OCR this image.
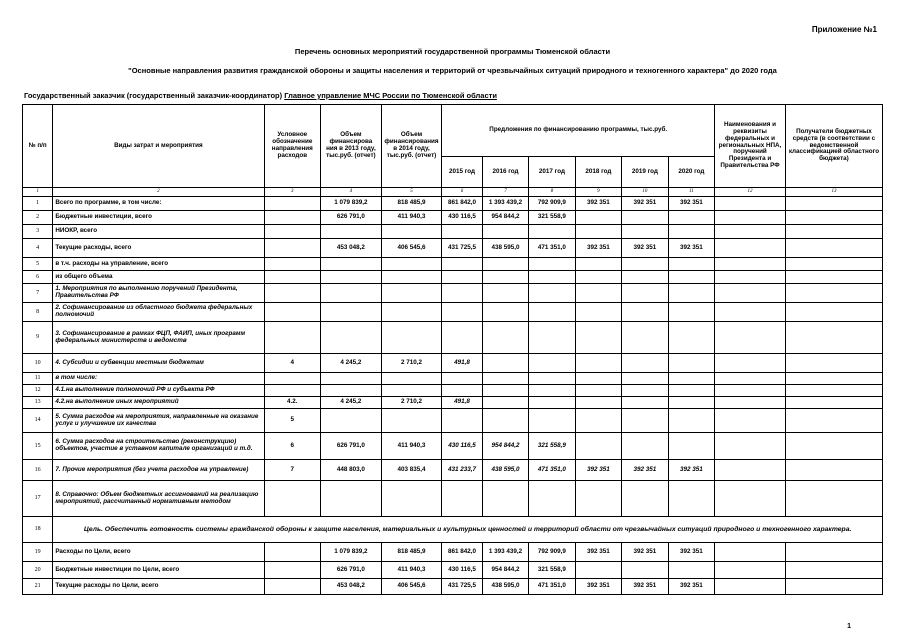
Приложение №1
Перечень основных мероприятий государственной программы Тюменской области
"Основные направления развития гражданской обороны и защиты населения и территорий от чрезвычайных ситуаций природного и техногенного характера" до 2020 года
Государственный заказчик (государственный заказчик-координатор) Главное управление МЧС России по Тюменской области
№ п/п	Виды затрат и мероприятия	Условное обозначение направления расходов	Объем финансирова ния в 2013 году, тыс.руб. (отчет)	Объем финансирования в 2014 году, тыс.руб. (отчет)	Предложения по финансированию программы, тыс.руб.						Наименования и реквизиты федеральных и региональных НПА, поручений Президента и Правительства РФ	Получатели бюджетных средств (в соответствии с ведомственной классификацией областного бюджета)
					2015 год	2016 год	2017 год	2018 год	2019 год	2020 год		
1	2	3	4	5	6	7	8	9	10	11	12	13
1	Всего по программе, в том числе:		1 079 839,2	818 485,9	861 842,0	1 393 439,2	792 909,9	392 351	392 351	392 351		
2	Бюджетные инвестиции, всего		626 791,0	411 940,3	430 116,5	954 844,2	321 558,9					
3	НИОКР, всего											
4	Текущие расходы, всего		453 048,2	406 545,6	431 725,5	438 595,0	471 351,0	392 351	392 351	392 351		
5	в т.ч. расходы на управление, всего											
6	из общего объема											
7	1. Мероприятия по выполнению поручений Президента, Правительства РФ											
8	2. Софинансирование из областного бюджета федеральных полномочий											
9	3. Софинансирование в рамках ФЦП, ФАИП, иных программ федеральных министерств и ведомств											
10	4. Субсидии и субвенции местным бюджетам	4	4 245,2	2 710,2	491,8							
11	в том числе:											
12	4.1.на выполнение полномочий РФ и субъекта РФ											
13	4.2.на выполнение иных мероприятий	4.2.	4 245,2	2 710,2	491,8							
14	5. Сумма расходов на мероприятия, направленные на оказание услуг и улучшение их качества	5										
15	6. Сумма расходов на строительство (реконструкцию) объектов, участие в уставном капитале организаций и т.д.	6	626 791,0	411 940,3	430 116,5	954 844,2	321 558,9					
16	7. Прочие мероприятия (без учета расходов на управление)	7	448 803,0	403 835,4	431 233,7	438 595,0	471 351,0	392 351	392 351	392 351		
17	8. Справочно: Объем бюджетных ассигнований на реализацию мероприятий, рассчитанный нормативным методом											
18	Цель. Обеспечить готовность системы гражданской обороны к защите населения, материальных и культурных ценностей и территорий области от чрезвычайных ситуаций природного и техногенного характера.											
19	Расходы по Цели, всего		1 079 839,2	818 485,9	861 842,0	1 393 439,2	792 909,9	392 351	392 351	392 351		
20	Бюджетные инвестиции по Цели, всего		626 791,0	411 940,3	430 116,5	954 844,2	321 558,9					
21	Текущие расходы по Цели, всего		453 048,2	406 545,6	431 725,5	438 595,0	471 351,0	392 351	392 351	392 351		
1
